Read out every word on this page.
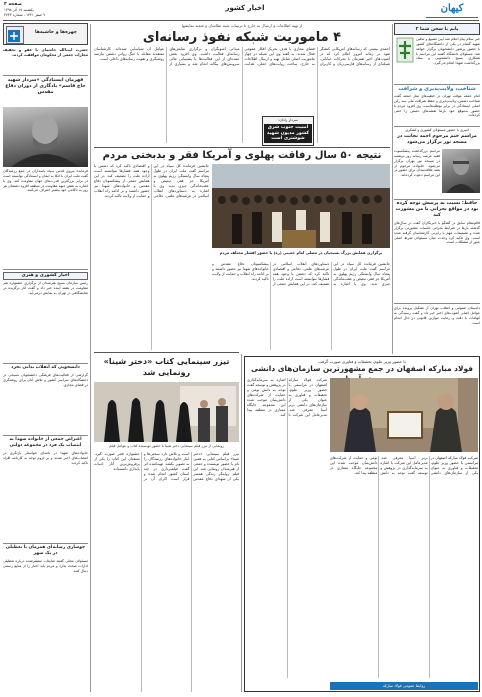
صفحه ۳
یکشنبه ۱۷ آذر ۱۳۹۸
۹ صفر ۱۴۴۱ ، شماره ۳۷۴۳
اخبار کشور	کیهان
پایم با سخن شما ۲
خبر سلام پیام اعلام شد آیین تشییع و تدفین شهید گمنام در یکی از دانشگاه‌های کشور با حضور پرشور دانشجویان برگزار خواهد شد. مسئولان دانشگاه گفتند این مراسم با همکاری بسیج دانشجویی و ستاد بزرگداشت شهدا انجام می‌گیرد.
شناخت، ولایت‌پذیری و شرافت
امام جمعه موقت تهران در خطبه‌های نماز جمعه گفت شناخت دشمن، ولایت‌پذیری و حفظ شرافت ملی سه رکن اصلی ایستادگی در برابر توطئه‌هاست. وی افزود مردم با حضور به‌موقع خود بارها نقشه‌های دشمن را خنثی کرده‌اند.
امیری با حضور مسئولان کشوری و لشکری
مراسم ختم مرحوم احمد نجابت در مسجد نور برگزار می‌شود
مراسم بزرگداشت پیشکسوت فقید عرصه رسانه روز دوشنبه در مسجد نور تهران برگزار می‌شود. خانواده مرحوم از همه علاقه‌مندان برای حضور در این مراسم دعوت کرده‌اند.
حافظ: نسبت به پرسش توجه کرده بود در مواقع بحرانی با من مشورت کند
قائم‌مقام سابق در گفتگو با خبرنگاران گفت در سال‌های گذشته بارها در شرایط بحرانی جلسات مشورتی برگزار شده و تصمیمات مهم با رایزنی کارشناسان گرفته شده است. وی تاکید کرد وحدت میان مسئولان شرط اصلی عبور از مشکلات است.
دادستان عمومی و انقلاب تهران از تشکیل پرونده برای عوامل اصلی آشوب‌های اخیر خبر داد و گفت رسیدگی به اتهامات با دقت و رعایت موازین قانونی در حال انجام است.
از تهیه اطلاعات و ارسال به خارج تا ترتیبات شبه نظامیان و شعبه نمایشها
۴ ماموریت شبکه نفوذ رسانه‌ای
احمدی بیستی کد رسانه‌های آمریکایی کنشگر نفوذ در زمانه امروز اعلام کرد که در آشوب‌های اخیر همزمان با تحرکات خیابانی، شبکه‌ای از رسانه‌های فارسی‌زبان و کاربران فضای مجازی با هدف تحریک افکار عمومی فعال شدند. به گفته وی این شبکه در چهار ماموریت اصلی شامل تهیه و ارسال اطلاعات به خارج، ساخت روایت‌های جعلی، هدایت میدانی آشوبگران و برگزاری نمایش‌های رسانه‌ای فعالیت داشت. وی افزود بخش عمده‌ای از این فعالیت‌ها با پشتیبانی مالی سرویس‌های بیگانه انجام شد و بسیاری از عوامل آن شناسایی شده‌اند. کارشناسان معتقدند مقابله با جنگ روانی دشمن نیازمند روشنگری و تقویت رسانه‌های داخلی است.
سردار رادان:
امنیت جنوب شرق کشور مدیون شهید شوشتری است
نتیجه ۵۰ سال رفاقت پهلوی و آمریکا فقر و بدبختی مردم
برگزاری همایش بزرگ بسیجیان در مصلی امام خمینی (ره) با حضور اقشار مختلف مردم
جانشین فرمانده کل سپاه در این مراسم گفت ملت ایران در طول پنجاه سال وابستگی رژیم پهلوی به آمریکا جز فقر، تبعیض و عقب‌ماندگی چیزی ندید. وی با اشاره به دستاوردهای انقلاب اسلامی در عرصه‌های علمی، دفاعی و اقتصادی تاکید کرد که دشمن با وجود همه فشارها نتوانسته است اراده ملت را تضعیف کند. در این همایش جمعی از پیشکسوتان دفاع مقدس و خانواده‌های شهدا نیز حضور داشتند و بر ادامه راه انقلاب و حمایت از ولایت تاکید کردند.
جانشین فرمانده کل سپاه در این مراسم گفت ملت ایران در طول پنجاه سال وابستگی رژیم پهلوی به آمریکا جز فقر، تبعیض و عقب‌ماندگی چیزی ندید. وی با اشاره به دستاوردهای انقلاب اسلامی در عرصه‌های علمی، دفاعی و اقتصادی تاکید کرد که دشمن با وجود همه فشارها نتوانسته است اراده ملت را تضعیف کند. در این همایش جمعی از پیشکسوتان دفاع مقدس و خانواده‌های شهدا نیز حضور داشتند و بر ادامه راه انقلاب و حمایت از ولایت تاکید کردند.
تیزر سینمایی کتاب «دختر شینا» رونمایی شد
رونمایی از تیزر فیلم سینمایی دختر شینا با حضور نویسنده کتاب و عوامل فیلم
تیزر فیلم سینمایی «دختر شینا» براساس کتابی به همین نام با حضور نویسنده و جمعی از هنرمندان رونمایی شد. این فیلم روایتگر زندگی همسر یکی از شهدای دفاع مقدس است و تلاش دارد سختی‌ها و ایثار خانواده‌های رزمندگان را به تصویر بکشد. تهیه‌کننده اثر گفت فیلمبرداری در چند استان کشور انجام شده و قرار است اکران آن در جشنواره فجر صورت گیرد. منتقدان این کتاب را یکی از پرفروش‌ترین آثار ادبیات پایداری دانسته‌اند.
با حضور وزیر علوم، تحقیقات و فناوری صورت گرفت
فولاد مبارکه اصفهان در جمع مشهورترین سازمان‌های دانشی
شرکت فولاد مبارکه اصفهان در مراسمی با حضور وزیر علوم، تحقیقات و فناوری به عنوان یکی از سازمان‌های دانشی برتر آسیا معرفی شد. مدیرعامل این شرکت با اشاره به سرمایه‌گذاری در پژوهش و توسعه گفت توجه به دانش بومی و حمایت از شرکت‌های دانش‌بنیان موجب شده این مجموعه جایگاه ممتازی در منطقه پیدا کند.
شرکت فولاد مبارکه اصفهان در مراسمی با حضور وزیر علوم، تحقیقات و فناوری به عنوان یکی از سازمان‌های دانشی برتر آسیا معرفی شد. مدیرعامل این شرکت با اشاره به سرمایه‌گذاری در پژوهش و توسعه گفت توجه به دانش بومی و حمایت از شرکت‌های دانش‌بنیان موجب شده این مجموعه جایگاه ممتازی در منطقه پیدا کند.
روابط عمومی فولاد مبارکه
چهره‌ها و حاشیه‌ها
حضرت آیت‌الله خامنه‌ای با عفو و تخفیف مجازات جمعی از محکومان موافقت کردند.
قهرمان ایستادگی «سردار شهید حاج قاسم» یادگاری از دوران دفاع مقدس
فرمانده نیروی قدس سپاه پاسداران در جمع رزمندگان گفت ملت ایران با اتکا به ایمان و ایستادگی توانسته است در برابر بزرگترین قدرت‌های جهان مقاومت کند. وی با اشاره به نقش جبهه مقاومت در منطقه افزود دشمنان هر روز به ناکامی خود بیشتر اعتراف می‌کنند.
اخبار کشوری و هنری
رئیس سازمان بسیج هنرمندان از برگزاری جشنواره هنر مقاومت در هفته آینده خبر داد و گفت آثار برگزیده در نمایشگاهی در تهران به نمایش درمی‌آید.
دانشجویی که انقلاب بدانی بخرد
گزارشی از فعالیت‌های فرهنگی دانشجویان بسیجی در دانشگاه‌های سراسر کشور و تلاش آنان برای روشنگری در فضای مجازی.
اعتراض جمعی از خانواده شهدا به انتصاب یک فرد در مجموعه دولتی
خانواده‌های شهدا در نامه‌ای خواستار بازنگری در انتصاب‌های اخیر شدند و بر لزوم توجه به کارنامه افراد تاکید کردند.
جوسازی رسانه‌ای همزمان با تعطیلی در یک شهر
مسئولان محلی گفتند شایعات منتشرشده درباره تعطیلی ادارات صحت ندارد و مردم باید اخبار را از منابع رسمی دنبال کنند.
